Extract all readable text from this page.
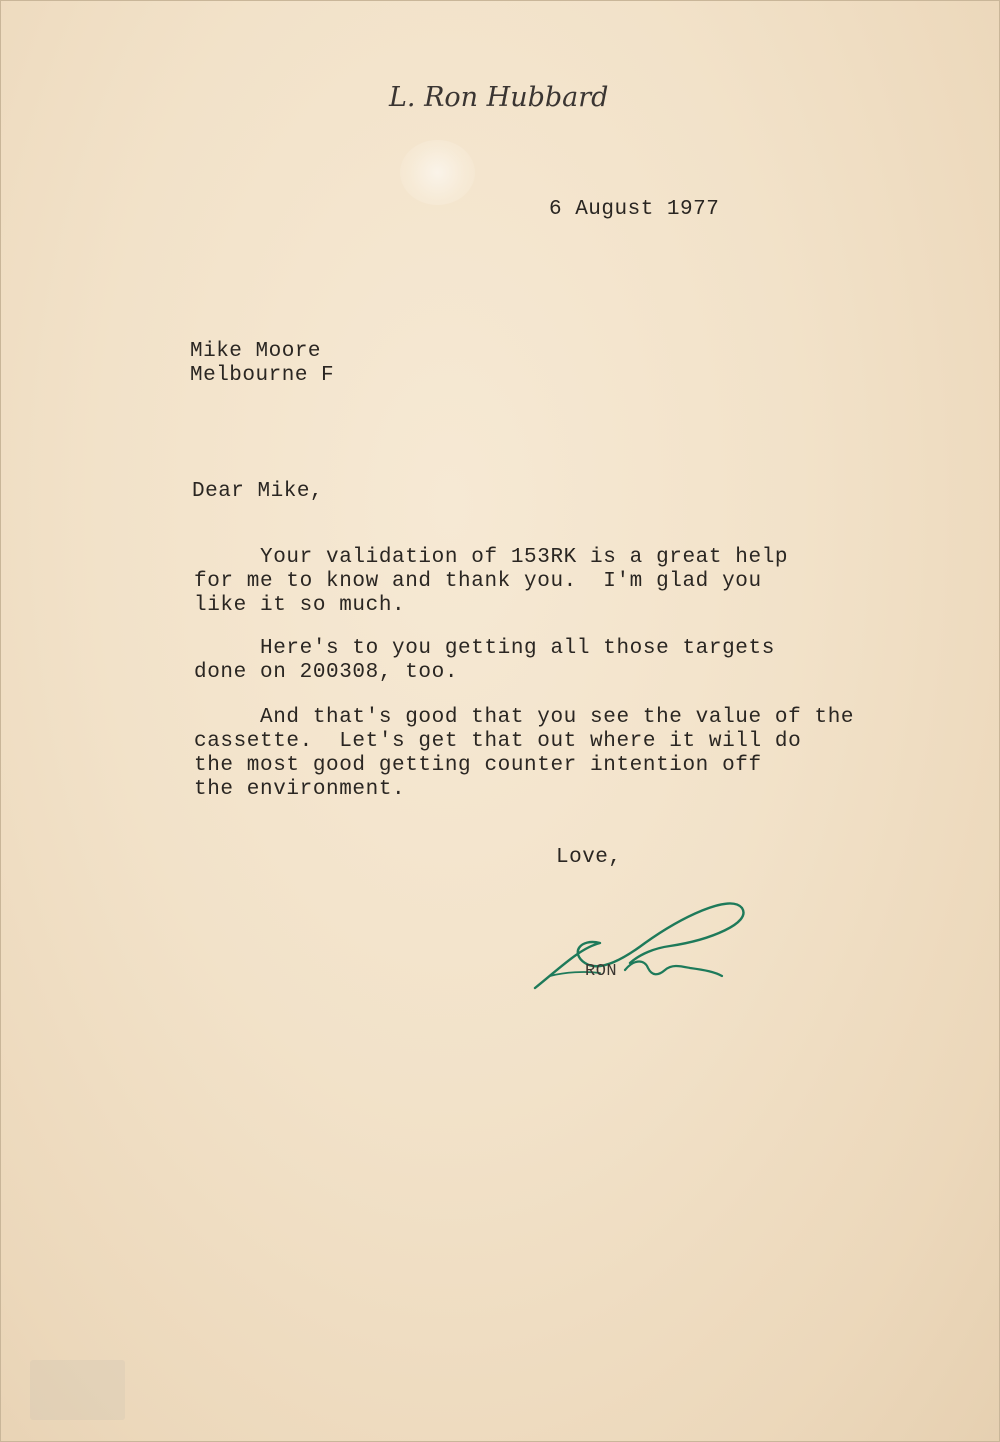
L. Ron Hubbard
6 August 1977
Mike Moore
Melbourne F
Dear Mike,
Your validation of 153RK is a great help
for me to know and thank you.  I'm glad you
like it so much.
Here's to you getting all those targets
done on 200308, too.
And that's good that you see the value of the
cassette.  Let's get that out where it will do
the most good getting counter intention off
the environment.
Love,
RON
